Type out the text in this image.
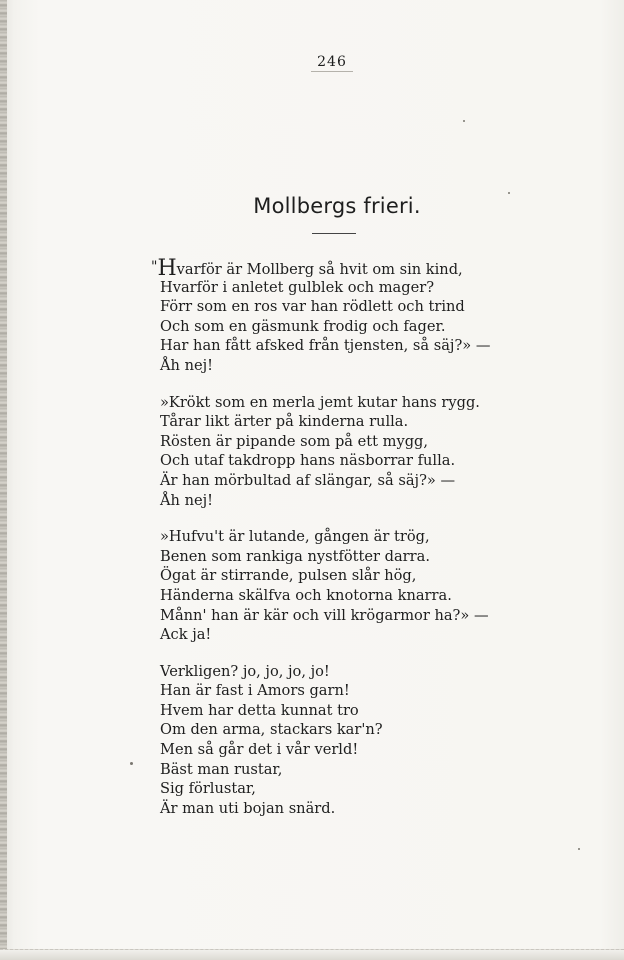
246
Mollbergs frieri.
"Hvarför är Mollberg så hvit om sin kind,
Hvarför i anletet gulblek och mager?
Förr som en ros var han rödlett och trind
Och som en gäsmunk frodig och fager.
Har han fått afsked från tjensten, så säj?» —
Åh nej!
»Krökt som en merla jemt kutar hans rygg.
Tårar likt ärter på kinderna rulla.
Rösten är pipande som på ett mygg,
Och utaf takdropp hans näsborrar fulla.
Är han mörbultad af slängar, så säj?» —
Åh nej!
»Hufvu't är lutande, gången är trög,
Benen som rankiga nystfötter darra.
Ögat är stirrande, pulsen slår hög,
Händerna skälfva och knotorna knarra.
Månn' han är kär och vill krögarmor ha?» —
Ack ja!
Verkligen? jo, jo, jo, jo!
Han är fast i Amors garn!
Hvem har detta kunnat tro
Om den arma, stackars kar'n?
Men så går det i vår verld!
Bäst man rustar,
Sig förlustar,
Är man uti bojan snärd.
